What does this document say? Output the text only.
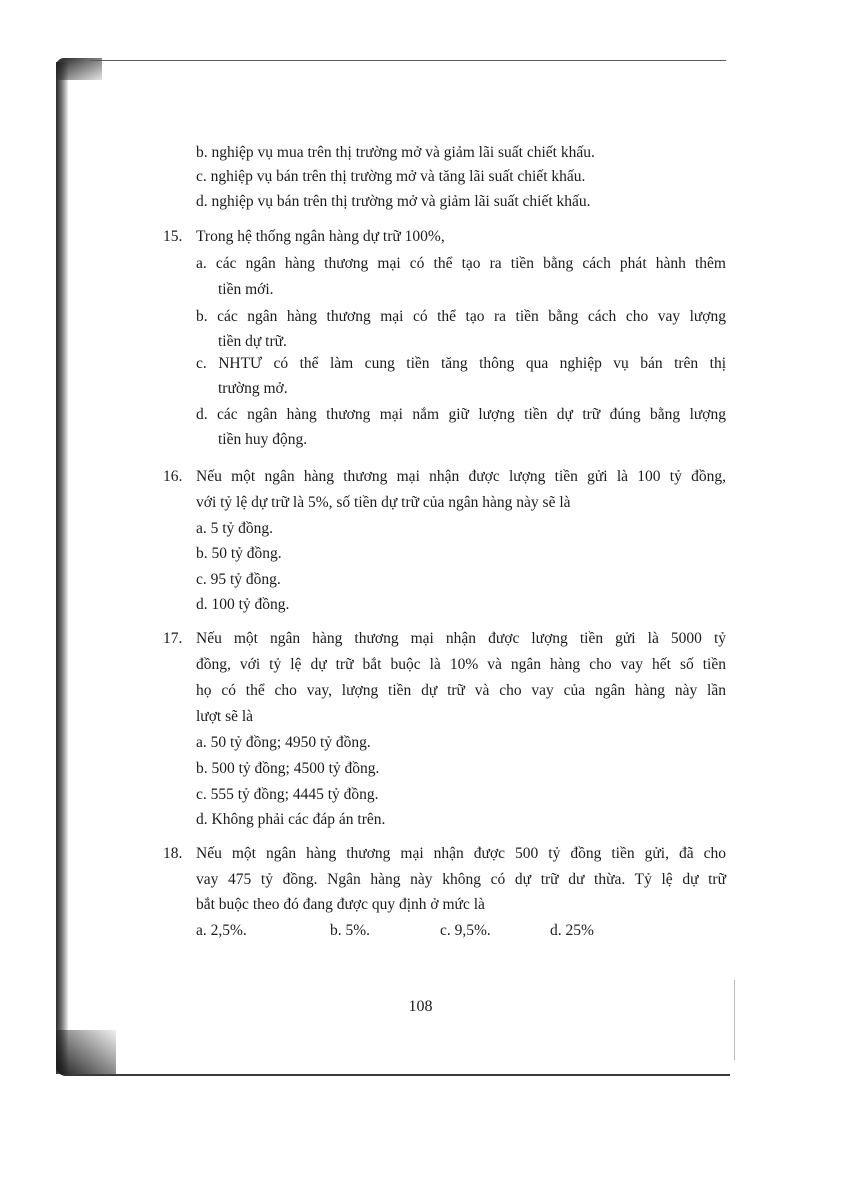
b. nghiệp vụ mua trên thị trường mở và giảm lãi suất chiết khấu.
c. nghiệp vụ bán trên thị trường mở và tăng lãi suất chiết khấu.
d. nghiệp vụ bán trên thị trường mở và giảm lãi suất chiết khấu.
15. Trong hệ thống ngân hàng dự trữ 100%,
a. các ngân hàng thương mại có thể tạo ra tiền bằng cách phát hành thêm
tiền mới.
b. các ngân hàng thương mại có thể tạo ra tiền bằng cách cho vay lượng
tiền dự trữ.
c. NHTƯ có thể làm cung tiền tăng thông qua nghiệp vụ bán trên thị
trường mở.
d. các ngân hàng thương mại nắm giữ lượng tiền dự trữ đúng bằng lượng
tiền huy động.
16. Nếu một ngân hàng thương mại nhận được lượng tiền gửi là 100 tỷ đồng,
với tỷ lệ dự trữ là 5%, số tiền dự trữ của ngân hàng này sẽ là
a. 5 tỷ đồng.
b. 50 tỷ đồng.
c. 95 tỷ đồng.
d. 100 tỷ đồng.
17. Nếu một ngân hàng thương mại nhận được lượng tiền gửi là 5000 tỷ
đồng, với tỷ lệ dự trữ bắt buộc là 10% và ngân hàng cho vay hết số tiền
họ có thể cho vay, lượng tiền dự trữ và cho vay của ngân hàng này lần
lượt sẽ là
a. 50 tỷ đồng; 4950 tỷ đồng.
b. 500 tỷ đồng; 4500 tỷ đồng.
c. 555 tỷ đồng; 4445 tỷ đồng.
d. Không phải các đáp án trên.
18. Nếu một ngân hàng thương mại nhận được 500 tỷ đồng tiền gửi, đã cho
vay 475 tỷ đồng. Ngân hàng này không có dự trữ dư thừa. Tỷ lệ dự trữ
bắt buộc theo đó đang được quy định ở mức là
a. 2,5%.	b. 5%.	c. 9,5%.	d. 25%
108
